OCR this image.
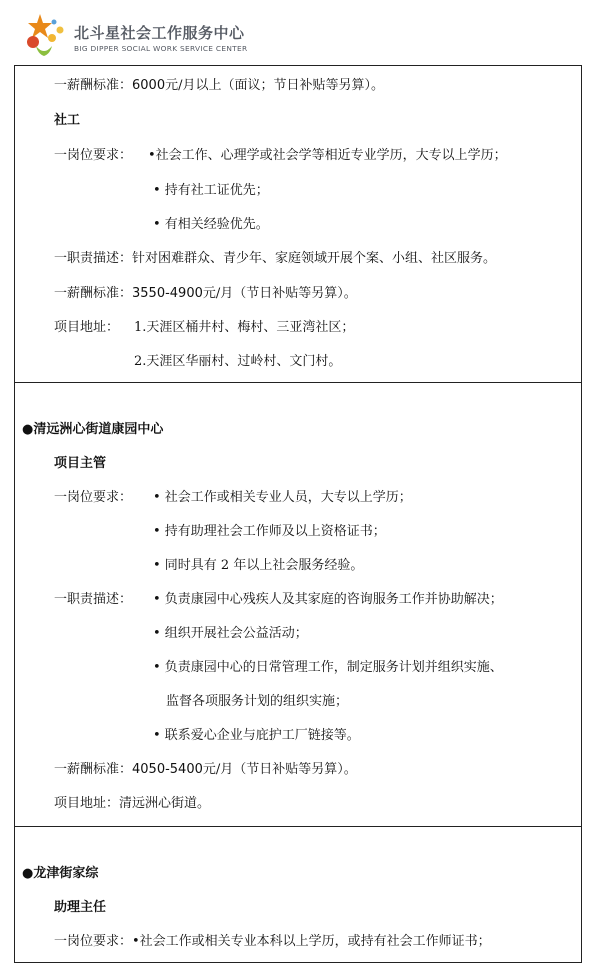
北斗星社会工作服务中心
BIG DIPPER SOCIAL WORK SERVICE CENTER
一薪酬标准：6000元/月以上（面议；节日补贴等另算）。
社工
一岗位要求： •社会工作、心理学或社会学等相近专业学历，大专以上学历；
• 持有社工证优先；
• 有相关经验优先。
一职责描述：针对困难群众、青少年、家庭领域开展个案、小组、社区服务。
一薪酬标准：3550-4900元/月（节日补贴等另算）。
项目地址： 1.天涯区桶井村、梅村、三亚湾社区；
2.天涯区华丽村、过岭村、文门村。
●清远洲心街道康园中心
项目主管
一岗位要求： • 社会工作或相关专业人员，大专以上学历；
• 持有助理社会工作师及以上资格证书；
• 同时具有 2 年以上社会服务经验。
一职责描述： • 负责康园中心残疾人及其家庭的咨询服务工作并协助解决；
• 组织开展社会公益活动；
• 负责康园中心的日常管理工作，制定服务计划并组织实施、
监督各项服务计划的组织实施；
• 联系爱心企业与庇护工厂链接等。
一薪酬标准：4050-5400元/月（节日补贴等另算）。
项目地址：清远洲心街道。
●龙津街家综
助理主任
一岗位要求：•社会工作或相关专业本科以上学历，或持有社会工作师证书；
